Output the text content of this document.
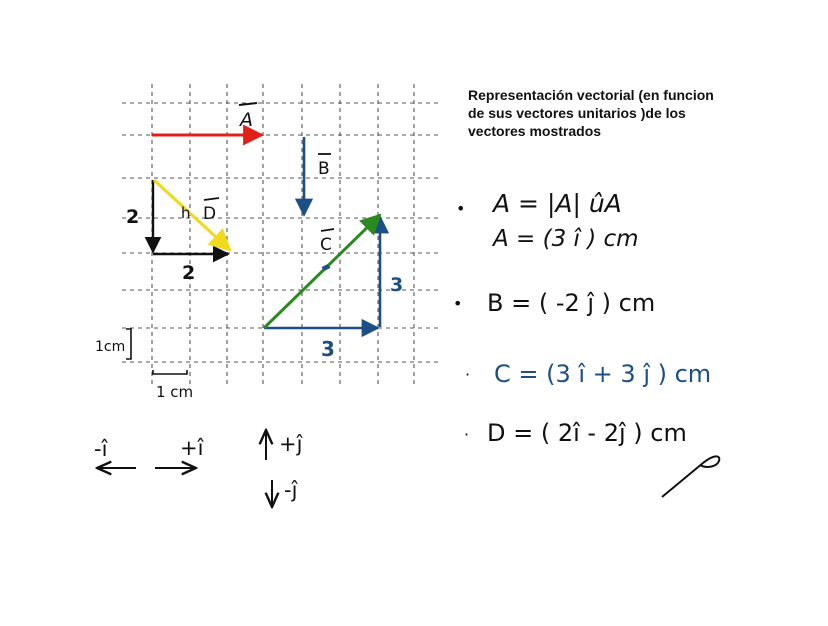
A
B
2
2
h D
C
3
3
1cm
1 cm
-î	+î	+ĵ
-ĵ
• A = |A| ûA
A = (3 î ) cm
• B = ( -2 ĵ ) cm
· C = (3 î + 3 ĵ ) cm
· D = ( 2î - 2ĵ ) cm
Representación vectorial (en funcion
de sus vectores unitarios )de los
vectores mostrados
